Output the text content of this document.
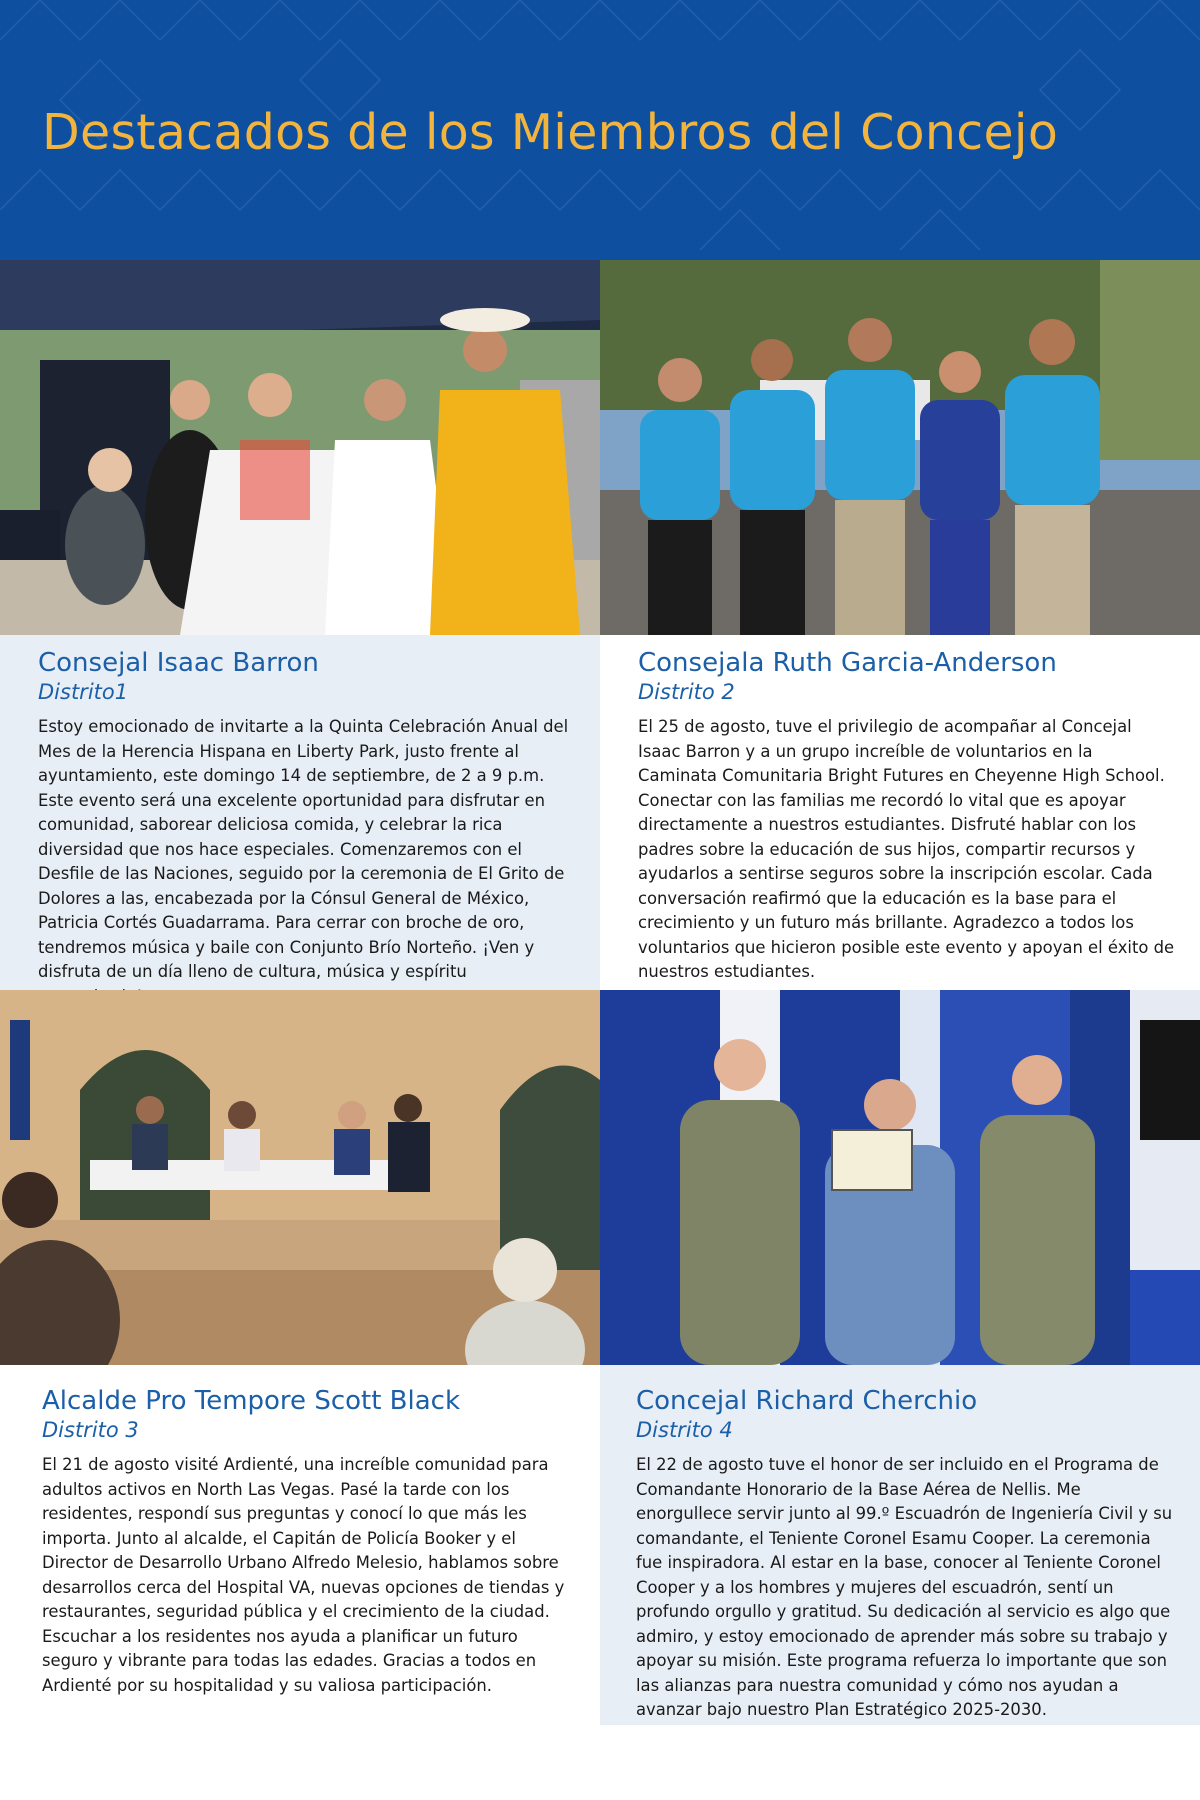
Destacados de los Miembros del Concejo
Consejal Isaac Barron
Distrito1
Estoy emocionado de invitarte a la Quinta Celebración Anual del Mes de la Herencia Hispana en Liberty Park, justo frente al ayuntamiento, este domingo 14 de septiembre, de 2 a 9 p.m. Este evento será una excelente oportunidad para disfrutar en comunidad, saborear deliciosa comida, y celebrar la rica diversidad que nos hace especiales. Comenzaremos con el Desfile de las Naciones, seguido por la ceremonia de El Grito de Dolores a las, encabezada por la Cónsul General de México, Patricia Cortés Guadarrama. Para cerrar con broche de oro, tendremos música y baile con Conjunto Brío Norteño. ¡Ven y disfruta de un día lleno de cultura, música y espíritu
Consejala Ruth Garcia-Anderson
Distrito 2
El 25 de agosto, tuve el privilegio de acompañar al Concejal Isaac Barron y a un grupo increíble de voluntarios en la Caminata Comunitaria Bright Futures en Cheyenne High School. Conectar con las familias me recordó lo vital que es apoyar directamente a nuestros estudiantes. Disfruté hablar con los padres sobre la educación de sus hijos, compartir recursos y ayudarlos a sentirse seguros sobre la inscripción escolar. Cada conversación reafirmó que la educación es la base para el crecimiento y un futuro más brillante. Agradezco a todos los voluntarios que hicieron posible este evento y apoyan el éxito de nuestros estudiantes.
Alcalde Pro Tempore Scott Black
Distrito 3
El 21 de agosto visité Ardienté, una increíble comunidad para adultos activos en North Las Vegas. Pasé la tarde con los residentes, respondí sus preguntas y conocí lo que más les importa. Junto al alcalde, el Capitán de Policía Booker y el Director de Desarrollo Urbano Alfredo Melesio, hablamos sobre desarrollos cerca del Hospital VA, nuevas opciones de tiendas y restaurantes, seguridad pública y el crecimiento de la ciudad. Escuchar a los residentes nos ayuda a planificar un futuro seguro y vibrante para todas las edades. Gracias a todos en Ardienté por su hospitalidad y su valiosa participación.
Concejal Richard Cherchio
Distrito 4
El 22 de agosto tuve el honor de ser incluido en el Programa de Comandante Honorario de la Base Aérea de Nellis. Me enorgullece servir junto al 99.º Escuadrón de Ingeniería Civil y su comandante, el Teniente Coronel Esamu Cooper. La ceremonia fue inspiradora. Al estar en la base, conocer al Teniente Coronel Cooper y a los hombres y mujeres del escuadrón, sentí un profundo orgullo y gratitud. Su dedicación al servicio es algo que admiro, y estoy emocionado de aprender más sobre su trabajo y apoyar su misión. Este programa refuerza lo importante que son las alianzas para nuestra comunidad y cómo nos ayudan a avanzar bajo nuestro Plan Estratégico 2025-2030.
